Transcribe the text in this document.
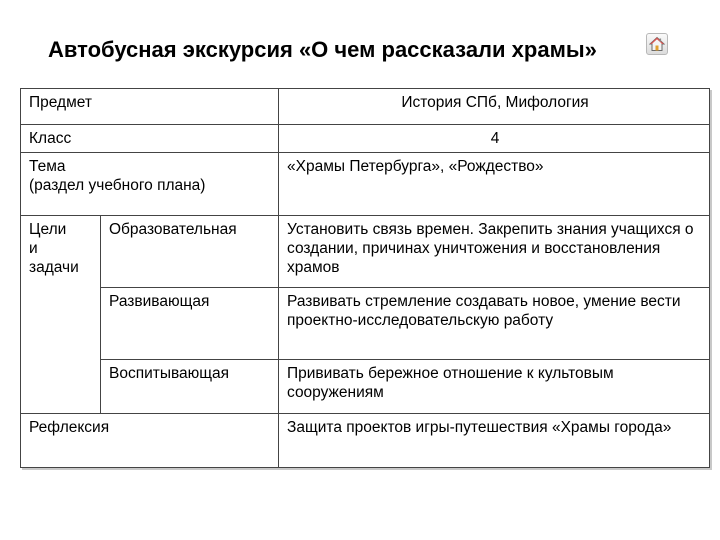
Автобусная экскурсия «О чем рассказали храмы»
Предмет		История СПб, Мифология
Класс		4
Тема
(раздел учебного плана)		«Храмы Петербурга», «Рождество»
Цели
и
задачи	Образовательная	Установить связь времен. Закрепить знания учащихся о создании, причинах уничтожения и восстановления храмов
	Развивающая	Развивать стремление создавать новое, умение вести проектно-исследовательскую работу
	Воспитывающая	Прививать бережное отношение к культовым сооружениям
Рефлексия		Защита проектов игры-путешествия «Храмы города»
